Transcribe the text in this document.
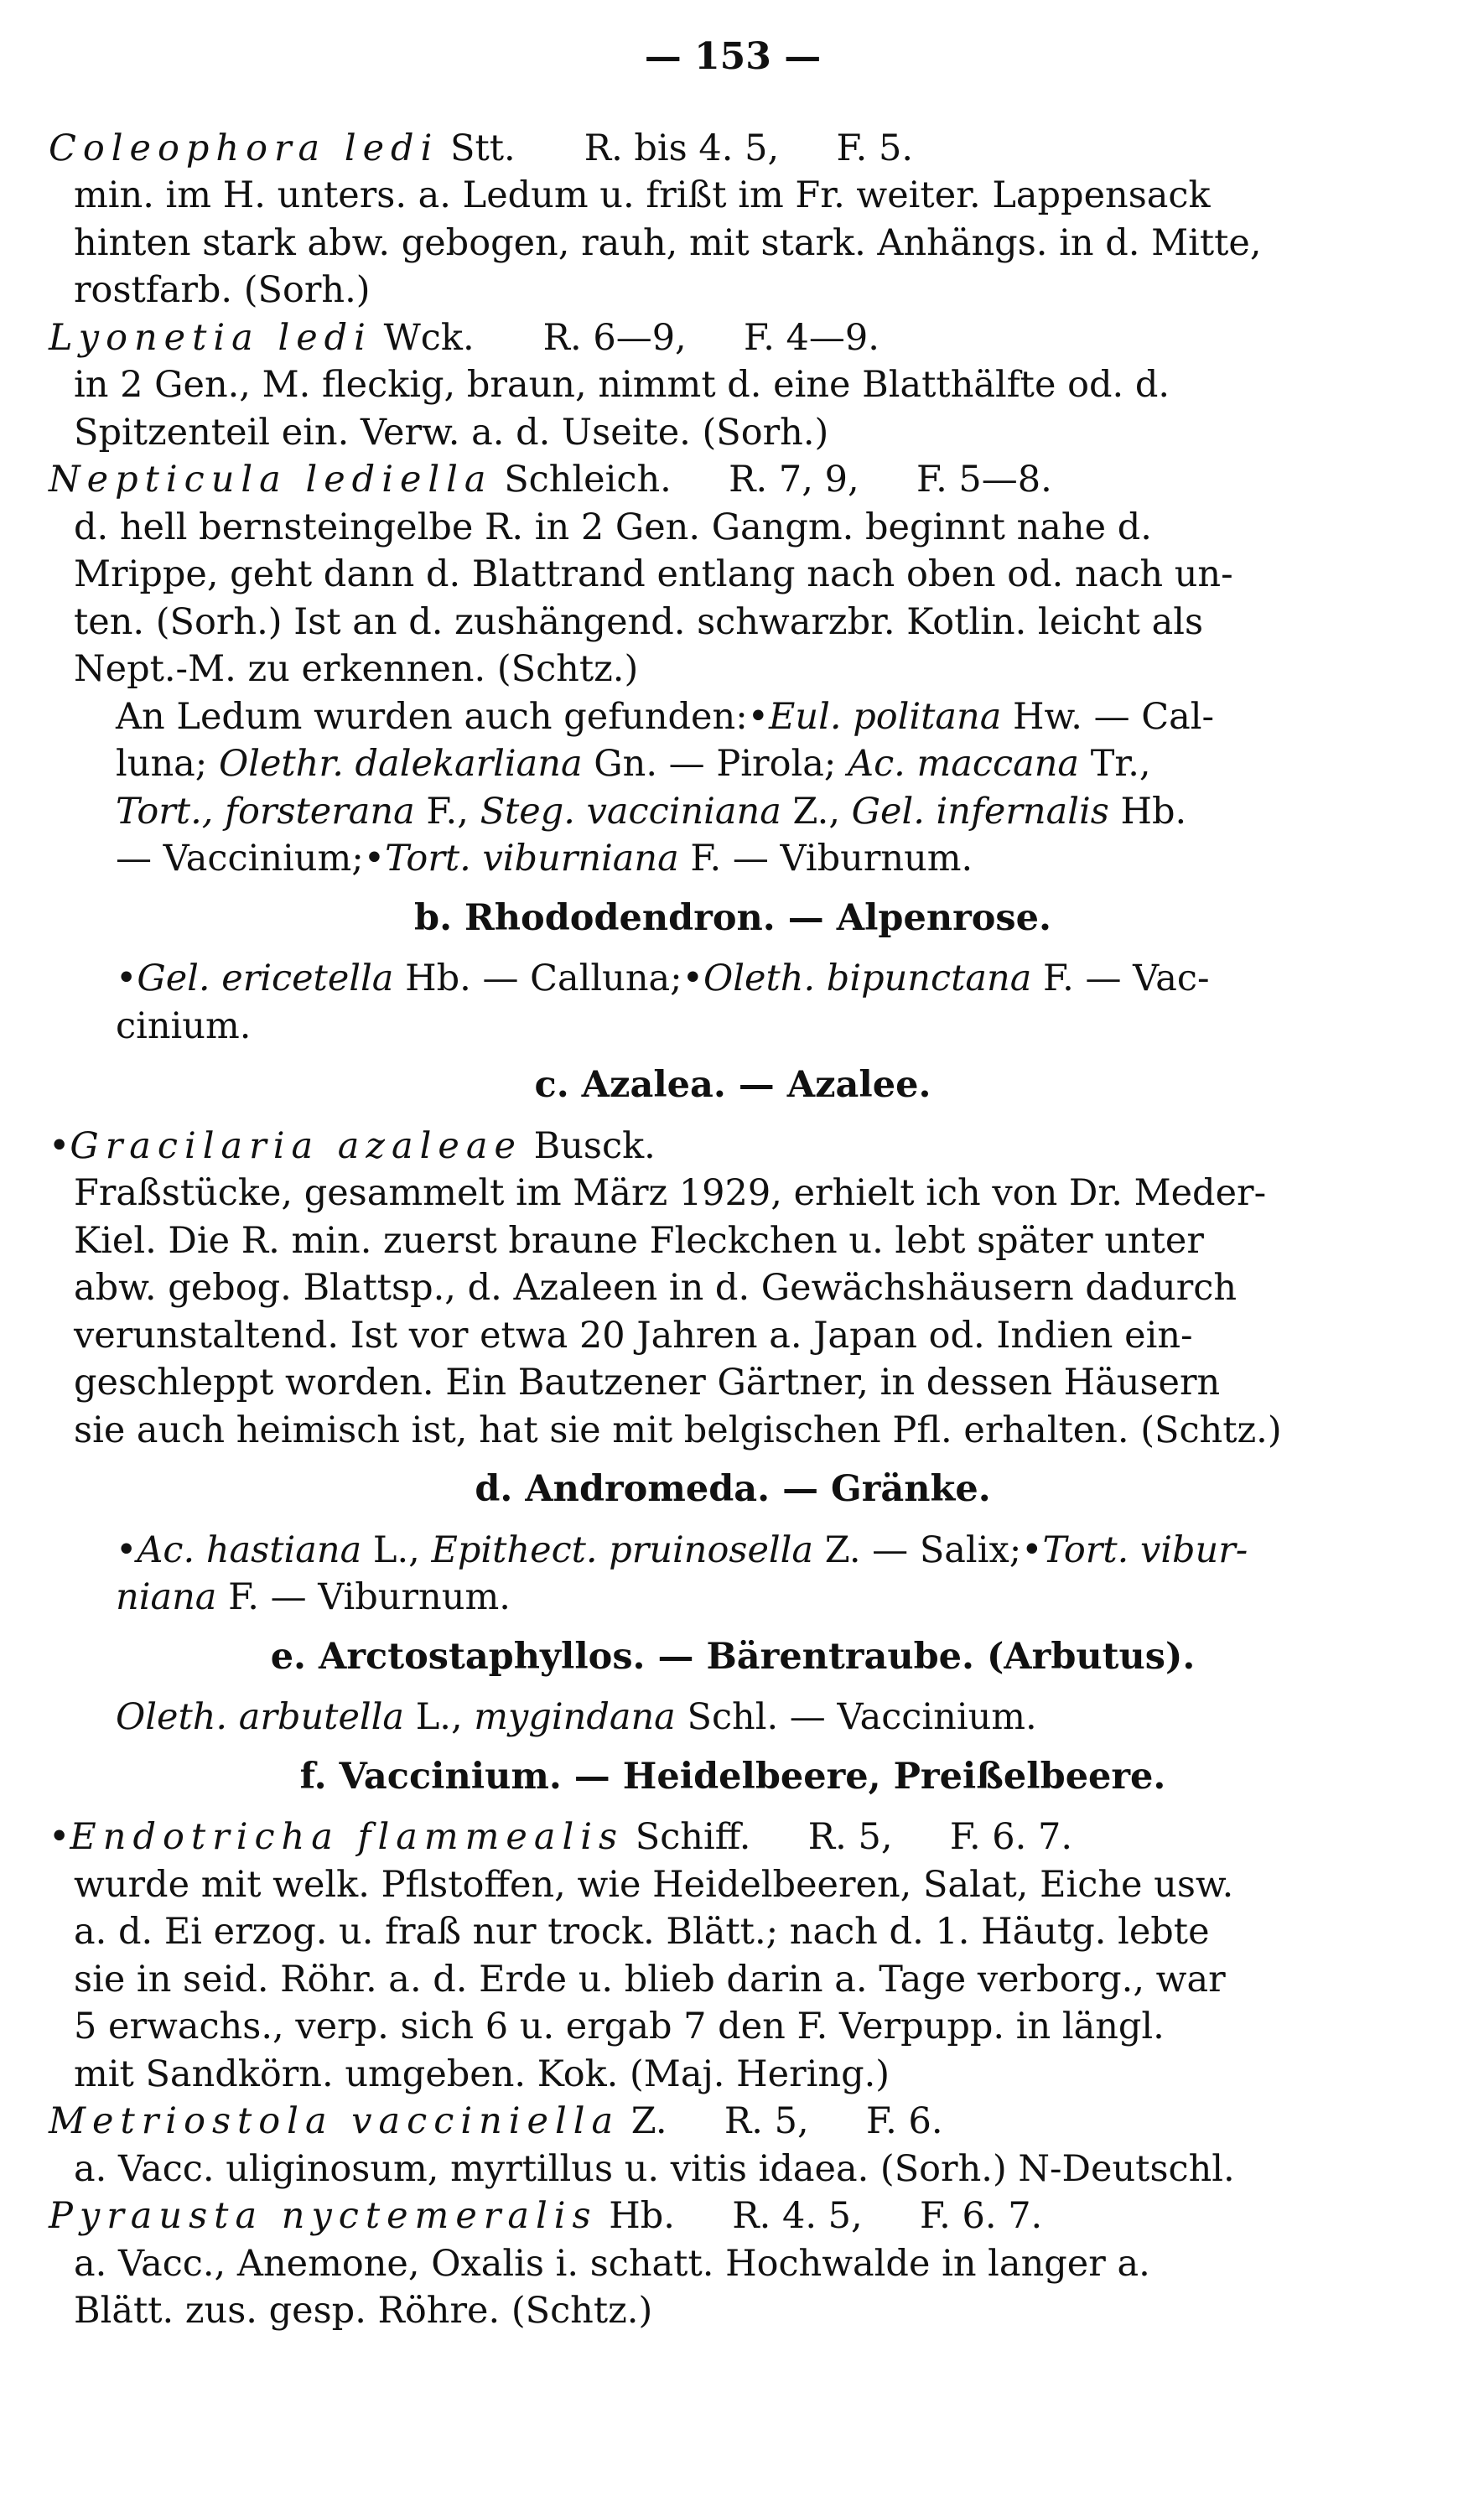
— 153 —
Coleophora ledi Stt.      R. bis 4. 5,     F. 5.
min. im H. unters. a. Ledum u. frißt im Fr. weiter. Lappensack
hinten stark abw. gebogen, rauh, mit stark. Anhängs. in d. Mitte,
rostfarb. (Sorh.)
Lyonetia ledi Wck.      R. 6—9,     F. 4—9.
in 2 Gen., M. fleckig, braun, nimmt d. eine Blatthälfte od. d.
Spitzenteil ein. Verw. a. d. Useite. (Sorh.)
Nepticula lediella Schleich.     R. 7, 9,     F. 5—8.
d. hell bernsteingelbe R. in 2 Gen. Gangm. beginnt nahe d.
Mrippe, geht dann d. Blattrand entlang nach oben od. nach un-
ten. (Sorh.) Ist an d. zushängend. schwarzbr. Kotlin. leicht als
Nept.-M. zu erkennen. (Schtz.)
An Ledum wurden auch gefunden:•Eul. politana Hw. — Cal-
luna; Olethr. dalekarliana Gn. — Pirola; Ac. maccana Tr.,
Tort., forsterana F., Steg. vacciniana Z., Gel. infernalis Hb.
— Vaccinium;•Tort. viburniana F. — Viburnum.
b. Rhododendron. — Alpenrose.
•Gel. ericetella Hb. — Calluna;•Oleth. bipunctana F. — Vac-
cinium.
c. Azalea. — Azalee.
•Gracilaria azaleae Busck.
Fraßstücke, gesammelt im März 1929, erhielt ich von Dr. Meder-
Kiel. Die R. min. zuerst braune Fleckchen u. lebt später unter
abw. gebog. Blattsp., d. Azaleen in d. Gewächshäusern dadurch
verunstaltend. Ist vor etwa 20 Jahren a. Japan od. Indien ein-
geschleppt worden. Ein Bautzener Gärtner, in dessen Häusern
sie auch heimisch ist, hat sie mit belgischen Pfl. erhalten. (Schtz.)
d. Andromeda. — Gränke.
•Ac. hastiana L., Epithect. pruinosella Z. — Salix;•Tort. vibur-
niana F. — Viburnum.
e. Arctostaphyllos. — Bärentraube. (Arbutus).
Oleth. arbutella L., mygindana Schl. — Vaccinium.
f. Vaccinium. — Heidelbeere, Preißelbeere.
•Endotricha flammealis Schiff.     R. 5,     F. 6. 7.
wurde mit welk. Pflstoffen, wie Heidelbeeren, Salat, Eiche usw.
a. d. Ei erzog. u. fraß nur trock. Blätt.; nach d. 1. Häutg. lebte
sie in seid. Röhr. a. d. Erde u. blieb darin a. Tage verborg., war
5 erwachs., verp. sich 6 u. ergab 7 den F. Verpupp. in längl.
mit Sandkörn. umgeben. Kok. (Maj. Hering.)
Metriostola vacciniella Z.     R. 5,     F. 6.
a. Vacc. uliginosum, myrtillus u. vitis idaea. (Sorh.) N-Deutschl.
Pyrausta nyctemeralis Hb.     R. 4. 5,     F. 6. 7.
a. Vacc., Anemone, Oxalis i. schatt. Hochwalde in langer a.
Blätt. zus. gesp. Röhre. (Schtz.)
